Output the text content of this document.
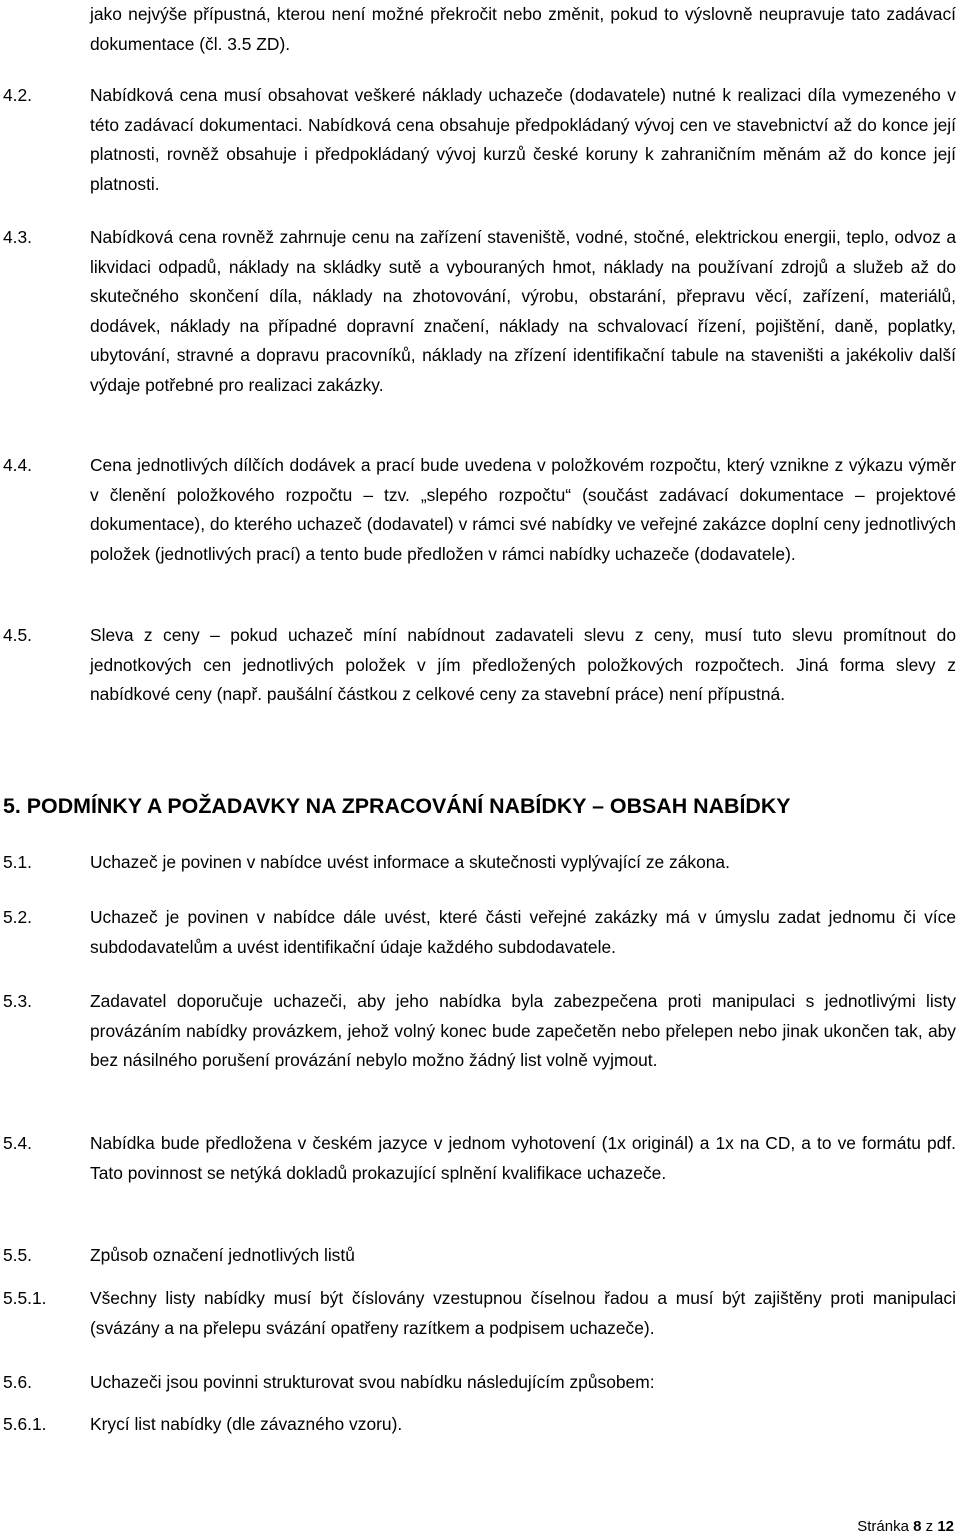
jako nejvýše přípustná, kterou není možné překročit nebo změnit, pokud to výslovně neupravuje tato zadávací dokumentace (čl. 3.5 ZD).
4.2.	Nabídková cena musí obsahovat veškeré náklady uchazeče (dodavatele) nutné k realizaci díla vymezeného v této zadávací dokumentaci. Nabídková cena obsahuje předpokládaný vývoj cen ve stavebnictví až do konce její platnosti, rovněž obsahuje i předpokládaný vývoj kurzů české koruny k zahraničním měnám až do konce její platnosti.
4.3.	Nabídková cena rovněž zahrnuje cenu na zařízení staveniště, vodné, stočné, elektrickou energii, teplo, odvoz a likvidaci odpadů, náklady na skládky sutě a vybouraných hmot, náklady na používaní zdrojů a služeb až do skutečného skončení díla, náklady na zhotovování, výrobu, obstarání, přepravu věcí, zařízení, materiálů, dodávek, náklady na případné dopravní značení, náklady na schvalovací řízení, pojištění, daně, poplatky, ubytování, stravné a dopravu pracovníků, náklady na zřízení identifikační tabule na staveništi a jakékoliv další výdaje potřebné pro realizaci zakázky.
4.4.	Cena jednotlivých dílčích dodávek a prací bude uvedena v položkovém rozpočtu, který vznikne z výkazu výměr v členění položkového rozpočtu – tzv. „slepého rozpočtu“ (součást zadávací dokumentace – projektové dokumentace), do kterého uchazeč (dodavatel) v rámci své nabídky ve veřejné zakázce doplní ceny jednotlivých položek (jednotlivých prací) a tento bude předložen v rámci nabídky uchazeče (dodavatele).
4.5.	Sleva z ceny – pokud uchazeč míní nabídnout zadavateli slevu z ceny, musí tuto slevu promítnout do jednotkových cen jednotlivých položek v jím předložených položkových rozpočtech. Jiná forma slevy z nabídkové ceny (např. paušální částkou z celkové ceny za stavební práce) není přípustná.
5. PODMÍNKY A POŽADAVKY NA ZPRACOVÁNÍ NABÍDKY – OBSAH NABÍDKY
5.1.	Uchazeč je povinen v nabídce uvést informace a skutečnosti vyplývající ze zákona.
5.2.	Uchazeč je povinen v nabídce dále uvést, které části veřejné zakázky má v úmyslu zadat jednomu či více subdodavatelům a uvést identifikační údaje každého subdodavatele.
5.3.	Zadavatel doporučuje uchazeči, aby jeho nabídka byla zabezpečena proti manipulaci s jednotlivými listy provázáním nabídky provázkem, jehož volný konec bude zapečetěn nebo přelepen nebo jinak ukončen tak, aby bez násilného porušení provázání nebylo možno žádný list volně vyjmout.
5.4.	Nabídka bude předložena v českém jazyce v jednom vyhotovení (1x originál) a 1x na CD, a to ve formátu pdf. Tato povinnost se netýká dokladů prokazující splnění kvalifikace uchazeče.
5.5.	Způsob označení jednotlivých listů
5.5.1. Všechny listy nabídky musí být číslovány vzestupnou číselnou řadou a musí být zajištěny proti manipulaci (svázány a na přelepu svázání opatřeny razítkem a podpisem uchazeče).
5.6.	Uchazeči jsou povinni strukturovat svou nabídku následujícím způsobem:
5.6.1. Krycí list nabídky (dle závazného vzoru).
Stránka 8 z 12
